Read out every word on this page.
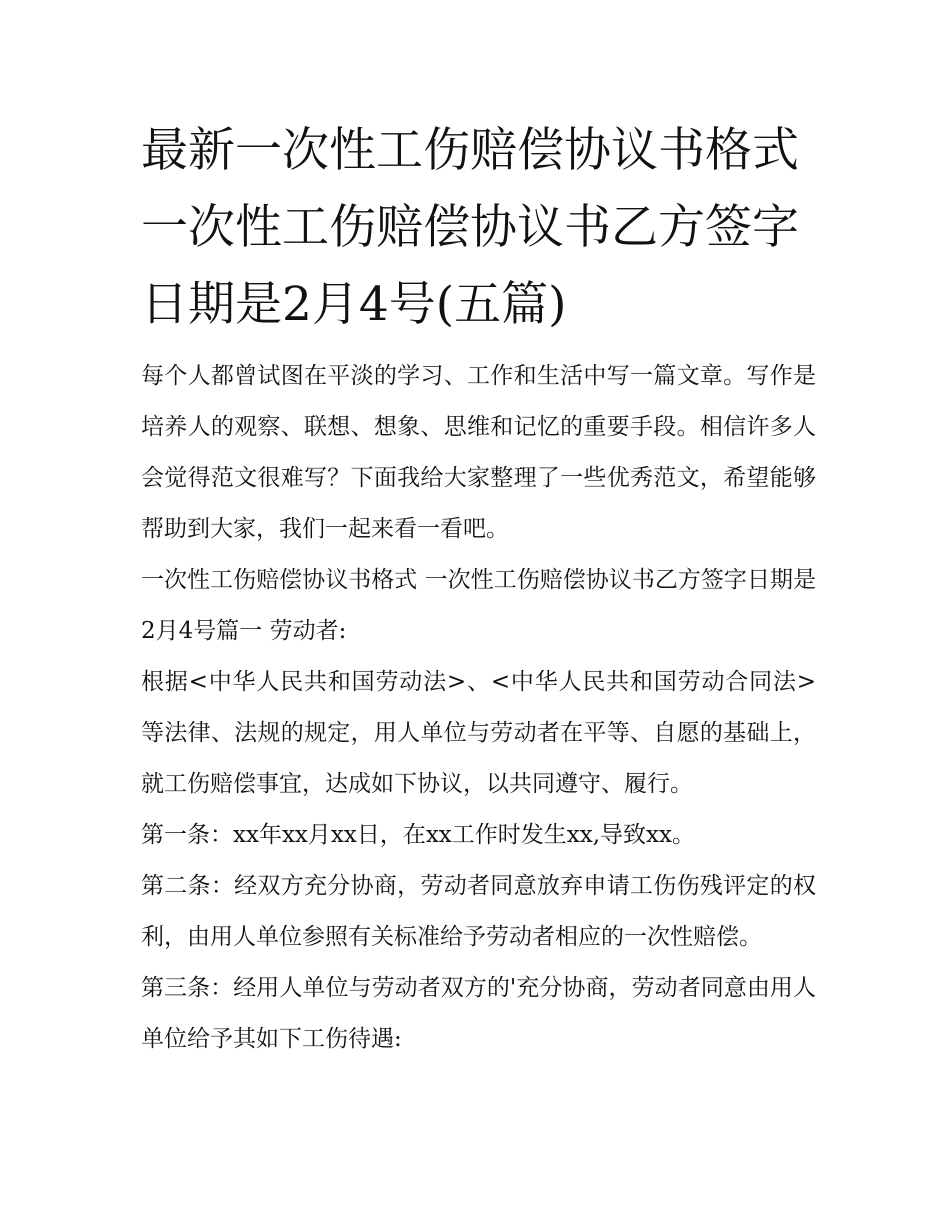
最新一次性工伤赔偿协议书格式 一次性工伤赔偿协议书乙方签字日期是2月4号(五篇)

每个人都曾试图在平淡的学习、工作和生活中写一篇文章。写作是培养人的观察、联想、想象、思维和记忆的重要手段。相信许多人会觉得范文很难写？下面我给大家整理了一些优秀范文，希望能够帮助到大家，我们一起来看一看吧。

一次性工伤赔偿协议书格式 一次性工伤赔偿协议书乙方签字日期是2月4号篇一 劳动者:

根据<中华人民共和国劳动法>、<中华人民共和国劳动合同法>等法律、法规的规定，用人单位与劳动者在平等、自愿的基础上，就工伤赔偿事宜，达成如下协议，以共同遵守、履行。

第一条：xx年xx月xx日，在xx工作时发生xx,导致xx。

第二条：经双方充分协商，劳动者同意放弃申请工伤伤残评定的权利，由用人单位参照有关标准给予劳动者相应的一次性赔偿。

第三条：经用人单位与劳动者双方的'充分协商，劳动者同意由用人单位给予其如下工伤待遇:
